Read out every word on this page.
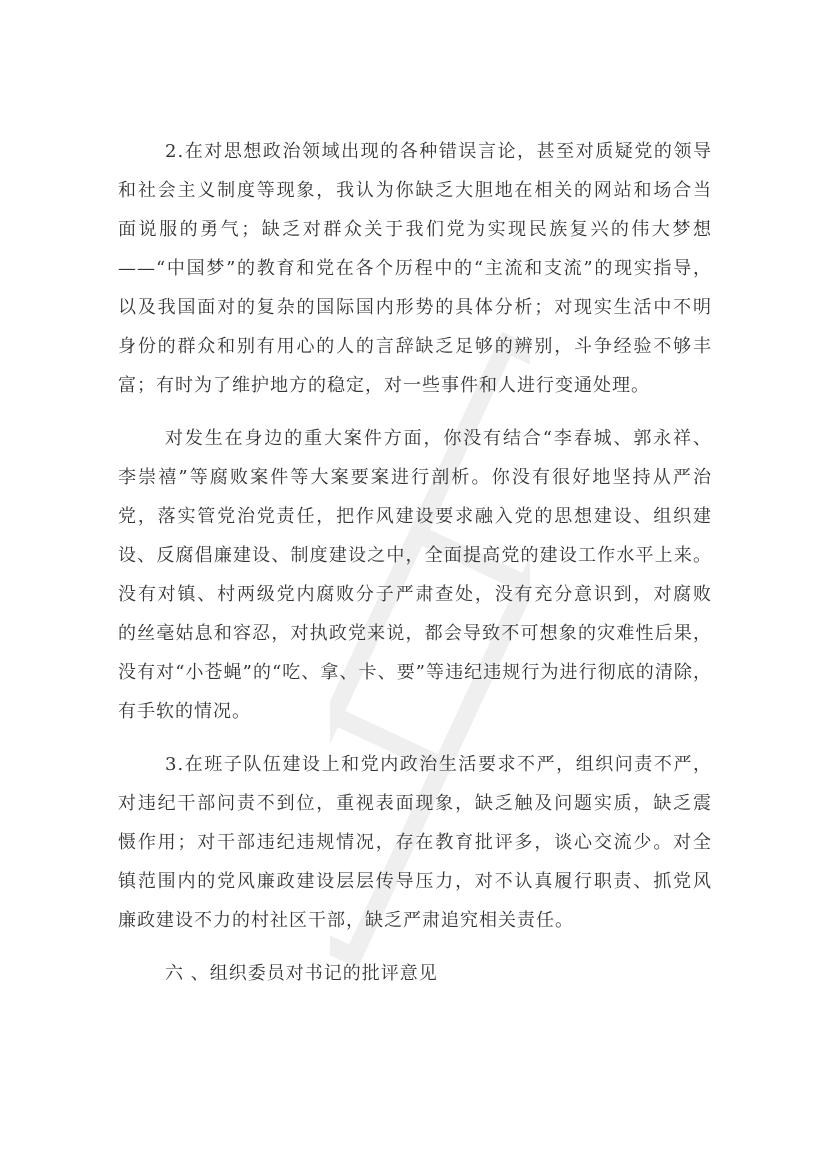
2.在对思想政治领域出现的各种错误言论，甚至对质疑党的领导
和社会主义制度等现象，我认为你缺乏大胆地在相关的网站和场合当
面说服的勇气；缺乏对群众关于我们党为实现民族复兴的伟大梦想
——“中国梦”的教育和党在各个历程中的“主流和支流”的现实指导，
以及我国面对的复杂的国际国内形势的具体分析；对现实生活中不明
身份的群众和别有用心的人的言辞缺乏足够的辨别，斗争经验不够丰
富；有时为了维护地方的稳定，对一些事件和人进行变通处理。
对发生在身边的重大案件方面，你没有结合“李春城、郭永祥、
李崇禧”等腐败案件等大案要案进行剖析。你没有很好地坚持从严治
党，落实管党治党责任，把作风建设要求融入党的思想建设、组织建
设、反腐倡廉建设、制度建设之中，全面提高党的建设工作水平上来。
没有对镇、村两级党内腐败分子严肃查处，没有充分意识到，对腐败
的丝毫姑息和容忍，对执政党来说，都会导致不可想象的灾难性后果，
没有对“小苍蝇”的“吃、拿、卡、要”等违纪违规行为进行彻底的清除，
有手软的情况。
3.在班子队伍建设上和党内政治生活要求不严，组织问责不严，
对违纪干部问责不到位，重视表面现象，缺乏触及问题实质，缺乏震
慑作用；对干部违纪违规情况，存在教育批评多，谈心交流少。对全
镇范围内的党风廉政建设层层传导压力，对不认真履行职责、抓党风
廉政建设不力的村社区干部，缺乏严肃追究相关责任。
六 、组织委员对书记的批评意见
